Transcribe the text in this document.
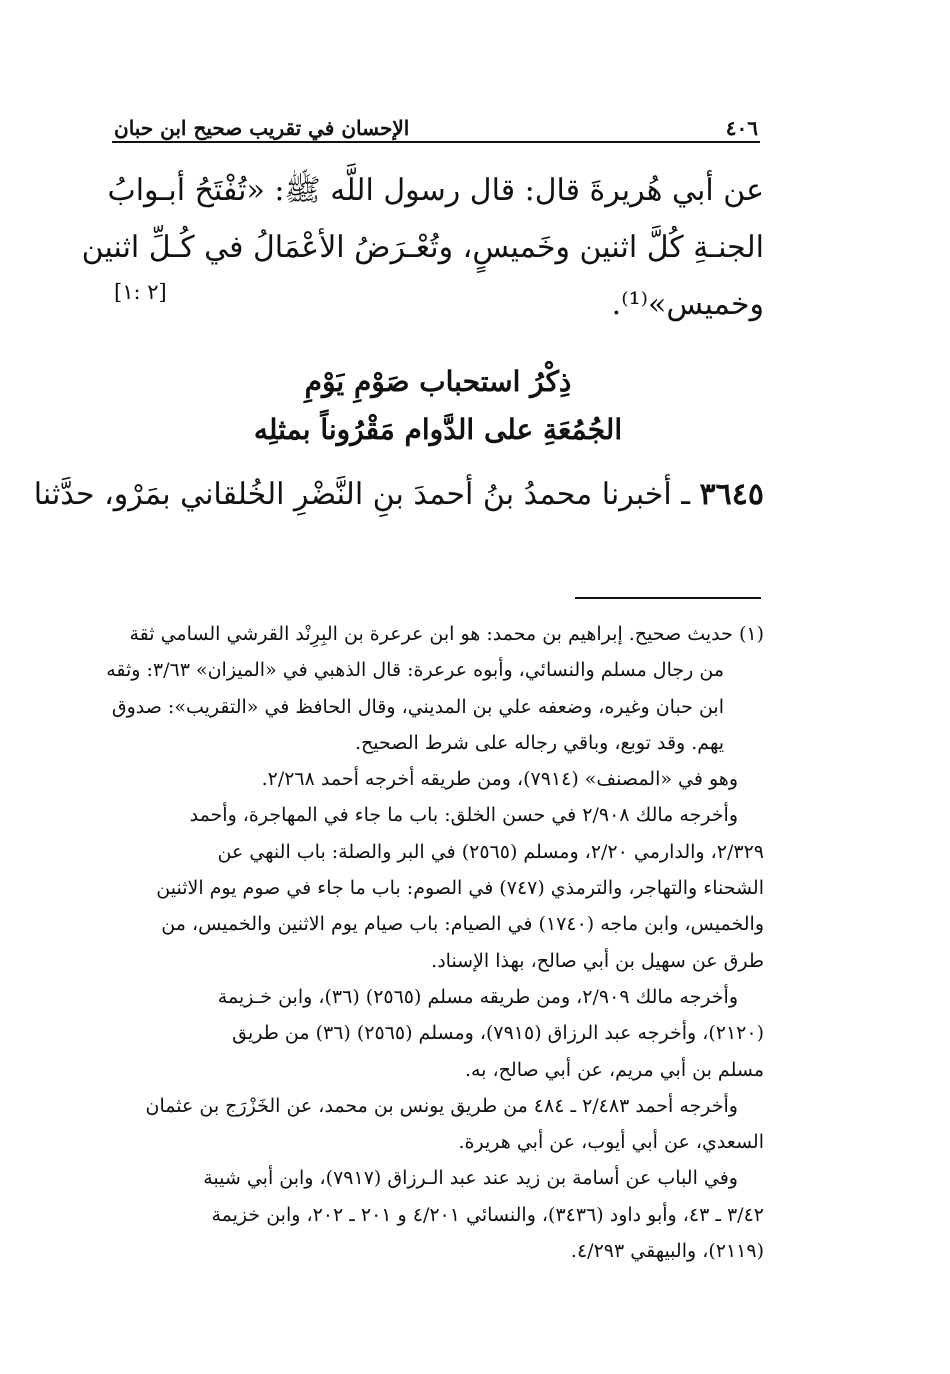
٤٠٦
الإحسان في تقريب صحيح ابن حبان
عن أبي هُريرةَ قال: قال رسول اللَّه ﷺ: «تُفْتَحُ أبـوابُ
الجنـةِ كُلَّ اثنين وخَميسٍ، وتُعْـرَضُ الأعْمَالُ في كُـلِّ اثنين
وخميس»⁽¹⁾.
[٢ :١]
ذِكْرُ استحباب صَوْمِ يَوْمِ
الجُمُعَةِ على الدَّوام مَقْرُوناً بمثلِه
٣٦٤٥ ـ أخبرنا محمدُ بنُ أحمدَ بنِ النَّضْرِ الخُلقاني بمَرْو، حدَّثنا

(١) حديث صحيح. إبراهيم بن محمد: هو ابن عرعرة بن البِرِنْد القرشي السامي ثقة

من رجال مسلم والنسائي، وأبوه عرعرة: قال الذهبي في «الميزان» ٣/٦٣: وثقه

ابن حبان وغيره، وضعفه علي بن المديني، وقال الحافظ في «التقريب»: صدوق

يهم. وقد توبع، وباقي رجاله على شرط الصحيح.

وهو في «المصنف» (٧٩١٤)، ومن طريقه أخرجه أحمد ٢/٢٦٨.

وأخرجه مالك ٢/٩٠٨ في حسن الخلق: باب ما جاء في المهاجرة، وأحمد

٢/٣٢٩، والدارمي ٢/٢٠، ومسلم (٢٥٦٥) في البر والصلة: باب النهي عن

الشحناء والتهاجر، والترمذي (٧٤٧) في الصوم: باب ما جاء في صوم يوم الاثنين

والخميس، وابن ماجه (١٧٤٠) في الصيام: باب صيام يوم الاثنين والخميس، من

طرق عن سهيل بن أبي صالح، بهذا الإسناد.

وأخرجه مالك ٢/٩٠٩، ومن طريقه مسلم (٢٥٦٥) (٣٦)، وابن خـزيمة

(٢١٢٠)، وأخرجه عبد الرزاق (٧٩١٥)، ومسلم (٢٥٦٥) (٣٦) من طريق

مسلم بن أبي مريم، عن أبي صالح، به.

وأخرجه أحمد ٢/٤٨٣ ـ ٤٨٤ من طريق يونس بن محمد، عن الخَزْرَج بن عثمان

السعدي، عن أبي أيوب، عن أبي هريرة.

وفي الباب عن أسامة بن زيد عند عبد الـرزاق (٧٩١٧)، وابن أبي شيبة

٣/٤٢ ـ ٤٣، وأبو داود (٣٤٣٦)، والنسائي ٤/٢٠١ و ٢٠١ ـ ٢٠٢، وابن خزيمة

(٢١١٩)، والبيهقي ٤/٢٩٣.
